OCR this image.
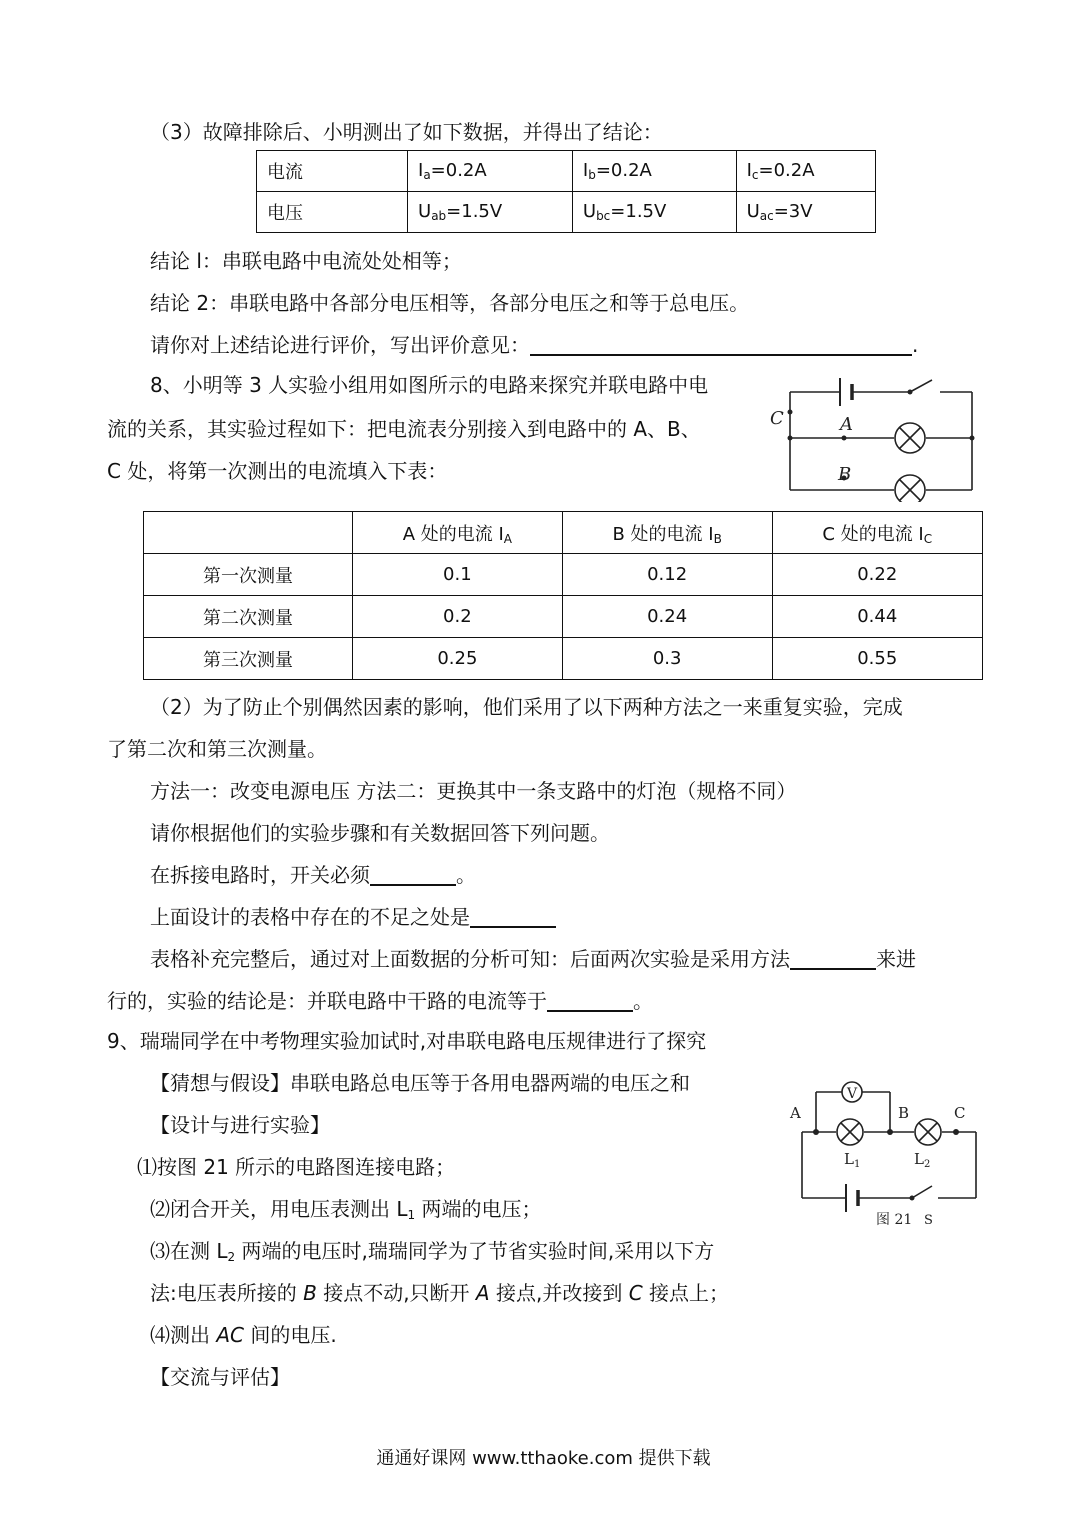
（3）故障排除后、小明测出了如下数据，并得出了结论：
电流	$I_a=0.2A$	$I_b=0.2A$	$I_c=0.2A$
电压	$U_{ab}=1.5V$	$U_{bc}=1.5V$	$U_{ac}=3V$
结论 l：串联电路中电流处处相等；
结论 2：串联电路中各部分电压相等，各部分电压之和等于总电压。
请你对上述结论进行评价，写出评价意见：	.
8、小明等 3 人实验小组用如图所示的电路来探究并联电路中电
流的关系，其实验过程如下：把电流表分别接入到电路中的 A、B、
C 处，将第一次测出的电流填入下表：
C	A
B
	A 处的电流 $I_A$	B 处的电流 $I_B$	C 处的电流 $I_C$
第一次测量	0.1	0.12	0.22
第二次测量	0.2	0.24	0.44
第三次测量	0.25	0.3	0.55
（2）为了防止个别偶然因素的影响，他们采用了以下两种方法之一来重复实验，完成
了第二次和第三次测量。
方法一：改变电源电压 方法二：更换其中一条支路中的灯泡（规格不同）
请你根据他们的实验步骤和有关数据回答下列问题。
在拆接电路时，开关必须	。
上面设计的表格中存在的不足之处是
表格补充完整后，通过对上面数据的分析可知：后面两次实验是采用方法	来进
行的，实验的结论是：并联电路中干路的电流等于	。
9、瑞瑞同学在中考物理实验加试时,对串联电路电压规律进行了探究
【猜想与假设】串联电路总电压等于各用电器两端的电压之和
【设计与进行实验】
⑴按图 21 所示的电路图连接电路；
⑵闭合开关，用电压表测出 $L_1$ 两端的电压；
⑶在测 $L_2$ 两端的电压时,瑞瑞同学为了节省实验时间,采用以下方
法:电压表所接的 B 接点不动,只断开 A 接点,并改接到 C 接点上；
⑷测出 AC 间的电压.
【交流与评估】
V
A	B	C
$L_1$	$L_2$
图 21 S
通通好课网 www.tthaoke.com 提供下载
